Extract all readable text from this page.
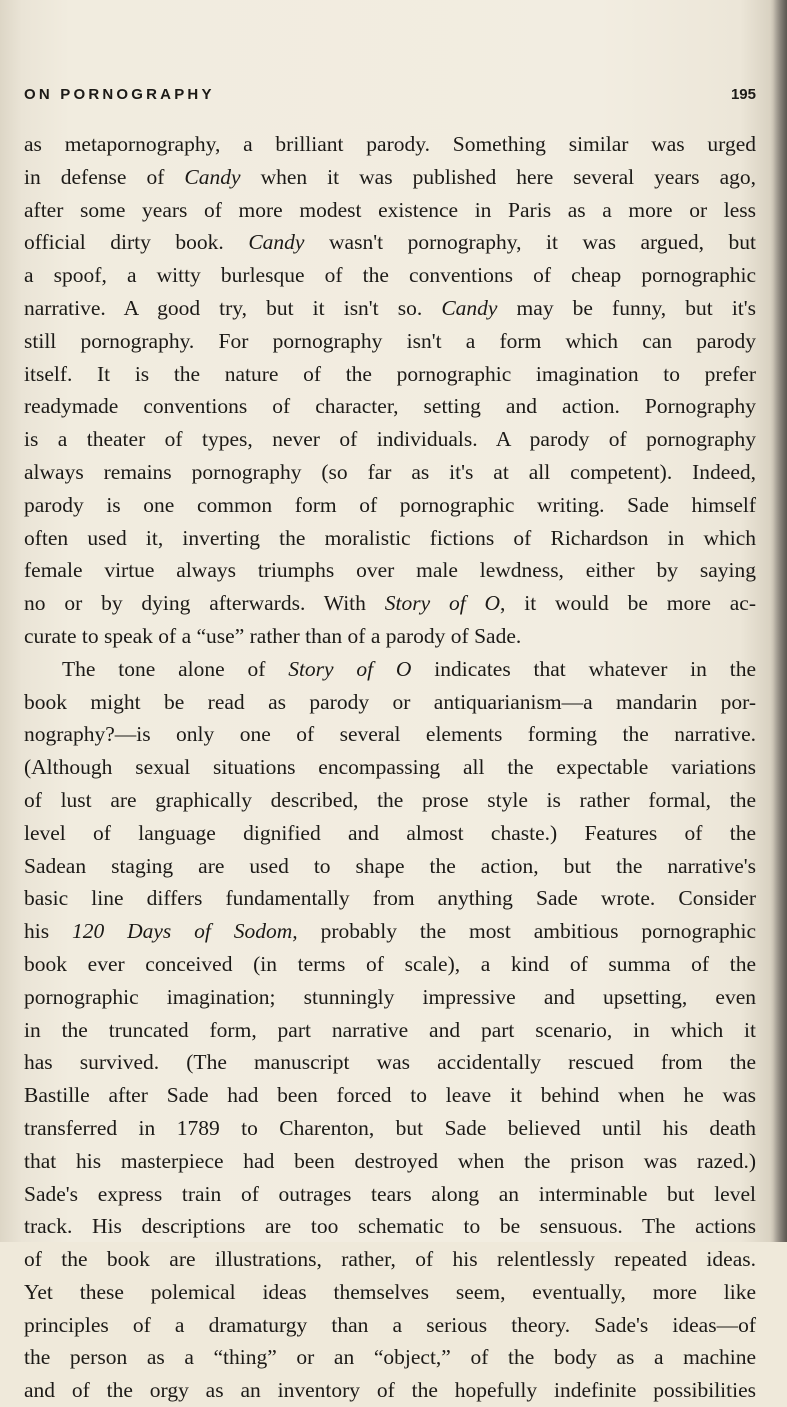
ON PORNOGRAPHY	195
as metapornography, a brilliant parody. Something similar was urged
in defense of Candy when it was published here several years ago,
after some years of more modest existence in Paris as a more or less
official dirty book. Candy wasn't pornography, it was argued, but
a spoof, a witty burlesque of the conventions of cheap pornographic
narrative. A good try, but it isn't so. Candy may be funny, but it's
still pornography. For pornography isn't a form which can parody
itself. It is the nature of the pornographic imagination to prefer
readymade conventions of character, setting and action. Pornography
is a theater of types, never of individuals. A parody of pornography
always remains pornography (so far as it's at all competent). Indeed,
parody is one common form of pornographic writing. Sade himself
often used it, inverting the moralistic fictions of Richardson in which
female virtue always triumphs over male lewdness, either by saying
no or by dying afterwards. With Story of O, it would be more ac-
curate to speak of a “use” rather than of a parody of Sade.
The tone alone of Story of O indicates that whatever in the
book might be read as parody or antiquarianism—a mandarin por-
nography?—is only one of several elements forming the narrative.
(Although sexual situations encompassing all the expectable variations
of lust are graphically described, the prose style is rather formal, the
level of language dignified and almost chaste.) Features of the
Sadean staging are used to shape the action, but the narrative's
basic line differs fundamentally from anything Sade wrote. Consider
his 120 Days of Sodom, probably the most ambitious pornographic
book ever conceived (in terms of scale), a kind of summa of the
pornographic imagination; stunningly impressive and upsetting, even
in the truncated form, part narrative and part scenario, in which it
has survived. (The manuscript was accidentally rescued from the
Bastille after Sade had been forced to leave it behind when he was
transferred in 1789 to Charenton, but Sade believed until his death
that his masterpiece had been destroyed when the prison was razed.)
Sade's express train of outrages tears along an interminable but level
track. His descriptions are too schematic to be sensuous. The actions
of the book are illustrations, rather, of his relentlessly repeated ideas.
Yet these polemical ideas themselves seem, eventually, more like
principles of a dramaturgy than a serious theory. Sade's ideas—of
the person as a “thing” or an “object,” of the body as a machine
and of the orgy as an inventory of the hopefully indefinite possibilities
